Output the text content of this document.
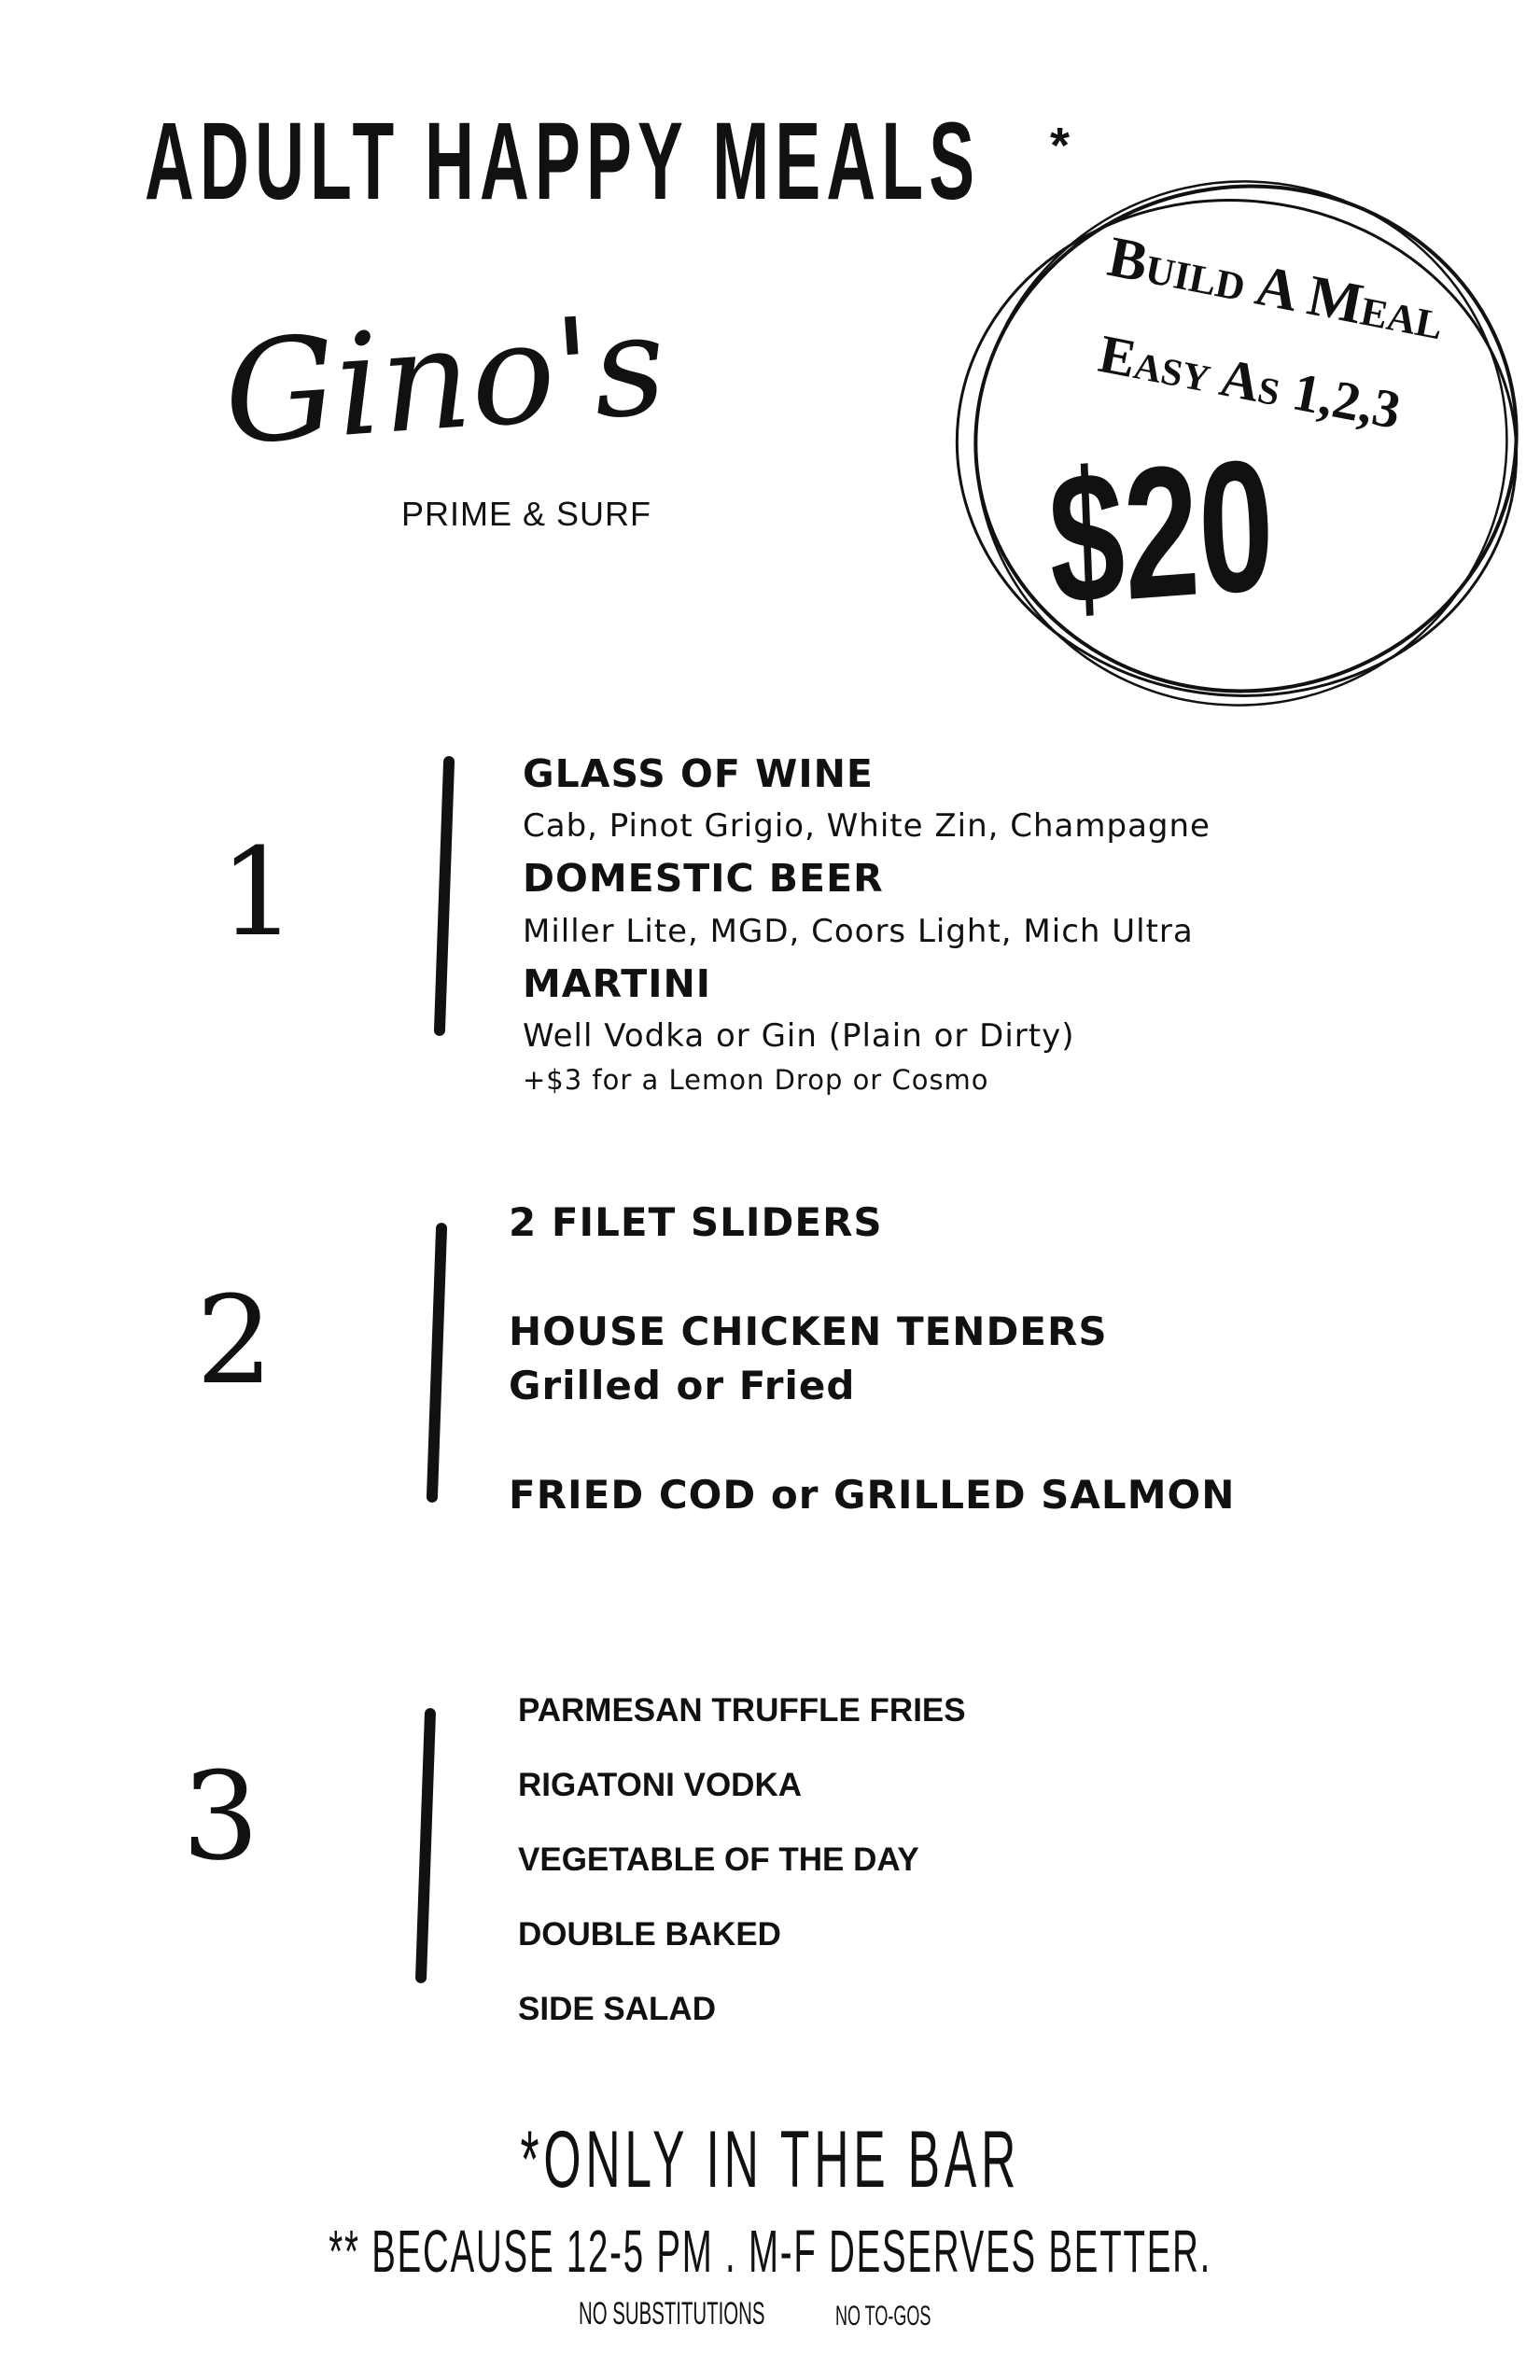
ADULT HAPPY MEALS *
Gino's
PRIME & SURF
Build A Meal
Easy As 1,2,3
$20
1
GLASS OF WINE
Cab, Pinot Grigio, White Zin, Champagne
DOMESTIC BEER
Miller Lite, MGD, Coors Light, Mich Ultra
MARTINI
Well Vodka or Gin (Plain or Dirty)
+$3 for a Lemon Drop or Cosmo
2
2 FILET SLIDERS
HOUSE CHICKEN TENDERS
Grilled or Fried
FRIED COD or GRILLED SALMON
3
PARMESAN TRUFFLE FRIES
RIGATONI VODKA
VEGETABLE OF THE DAY
DOUBLE BAKED
SIDE SALAD
*ONLY IN THE BAR
** BECAUSE 12-5 PM . M-F DESERVES BETTER.
NO SUBSTITUTIONS	NO TO-GOS
